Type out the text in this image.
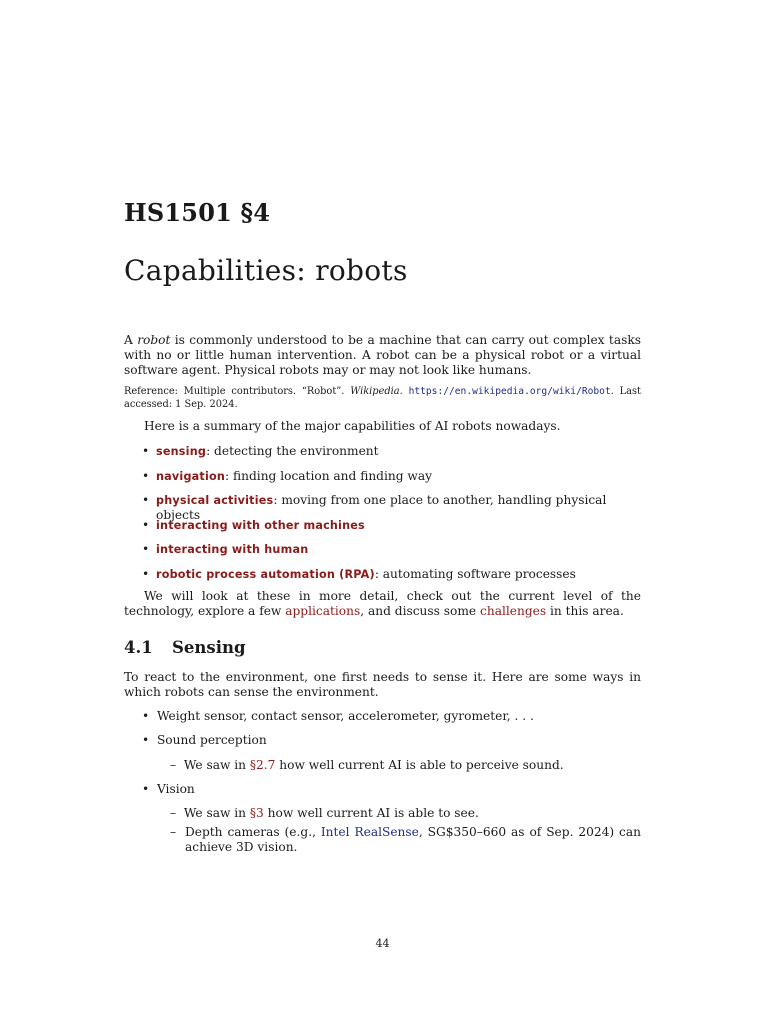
HS1501 §4
Capabilities: robots

A robot is commonly understood to be a machine that can carry out complex tasks with no or little human intervention. A robot can be a physical robot or a virtual software agent. Physical robots may or may not look like humans.

Reference: Multiple contributors. “Robot”. Wikipedia. https://en.wikipedia.org/wiki/Robot. Last accessed: 1 Sep. 2024.

Here is a summary of the major capabilities of AI robots nowadays.

• sensing: detecting the environment
• navigation: finding location and finding way
• physical activities: moving from one place to another, handling physical objects
• interacting with other machines
• interacting with human
• robotic process automation (RPA): automating software processes

We will look at these in more detail, check out the current level of the technology, explore a few applications, and discuss some challenges in this area.

4.1 Sensing

To react to the environment, one first needs to sense it. Here are some ways in which robots can sense the environment.

• Weight sensor, contact sensor, accelerometer, gyrometer, . . .
• Sound perception
– We saw in §2.7 how well current AI is able to perceive sound.
• Vision
– We saw in §3 how well current AI is able to see.
– Depth cameras (e.g., Intel RealSense, SG$350–660 as of Sep. 2024) can achieve 3D vision.
44
